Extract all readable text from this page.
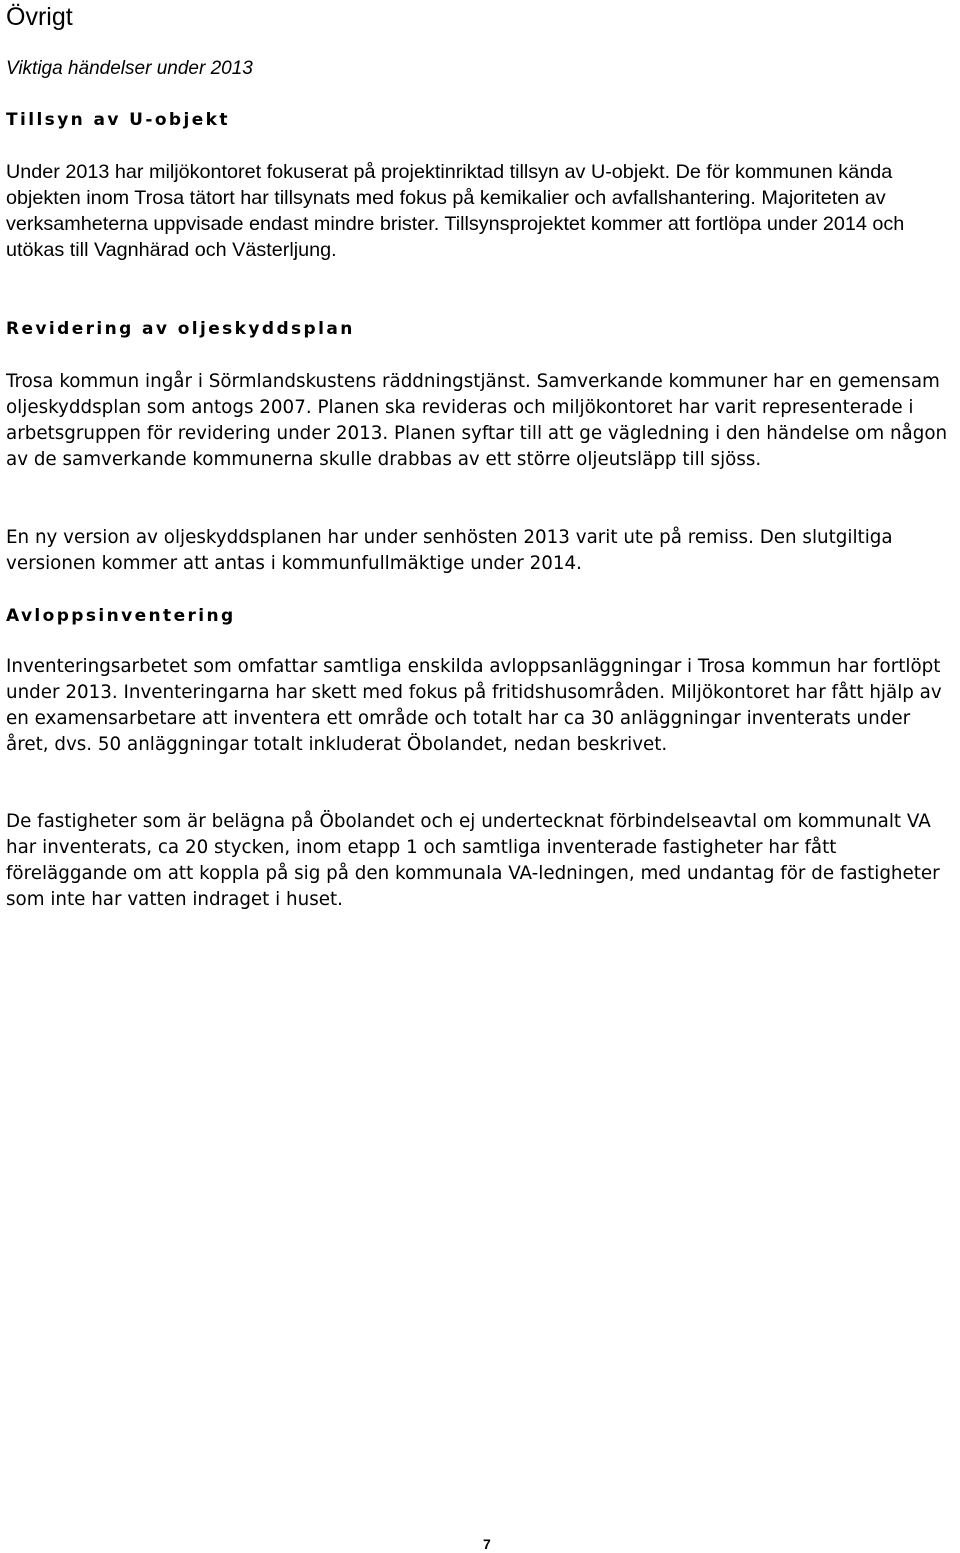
Övrigt
Viktiga händelser under 2013
Tillsyn av U-objekt

Under 2013 har miljökontoret fokuserat på projektinriktad tillsyn av U-objekt. De för kommunen kända objekten inom Trosa tätort har tillsynats med fokus på kemikalier och avfallshantering. Majoriteten av verksamheterna uppvisade endast mindre brister. Tillsynsprojektet kommer att fortlöpa under 2014 och utökas till Vagnhärad och Västerljung.

Revidering av oljeskyddsplan

Trosa kommun ingår i Sörmlandskustens räddningstjänst. Samverkande kommuner har en gemensam oljeskyddsplan som antogs 2007. Planen ska revideras och miljökontoret har varit representerade i arbetsgruppen för revidering under 2013. Planen syftar till att ge vägledning i den händelse om någon av de samverkande kommunerna skulle drabbas av ett större oljeutsläpp till sjöss.

En ny version av oljeskyddsplanen har under senhösten 2013 varit ute på remiss. Den slutgiltiga versionen kommer att antas i kommunfullmäktige under 2014.

Avloppsinventering

Inventeringsarbetet som omfattar samtliga enskilda avloppsanläggningar i Trosa kommun har fortlöpt under 2013. Inventeringarna har skett med fokus på fritidshusområden. Miljökontoret har fått hjälp av en examensarbetare att inventera ett område och totalt har ca 30 anläggningar inventerats under året, dvs. 50 anläggningar totalt inkluderat Öbolandet, nedan beskrivet.

De fastigheter som är belägna på Öbolandet och ej undertecknat förbindelseavtal om kommunalt VA har inventerats, ca 20 stycken, inom etapp 1 och samtliga inventerade fastigheter har fått föreläggande om att koppla på sig på den kommunala VA-ledningen, med undantag för de fastigheter som inte har vatten indraget i huset.

7
